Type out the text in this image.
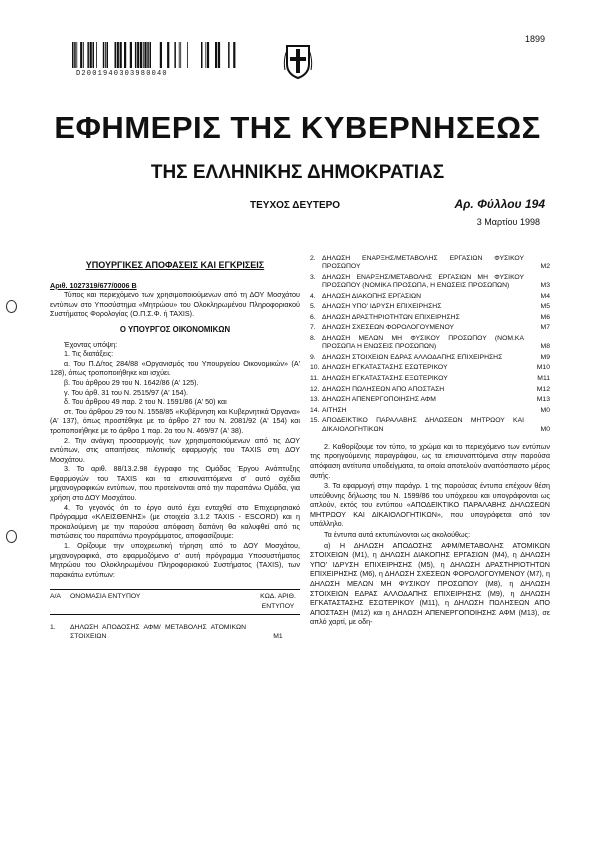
1899
D2001940303980040
ΕΦΗΜΕΡΙΣ ΤΗΣ ΚΥΒΕΡΝΗΣΕΩΣ
ΤΗΣ ΕΛΛΗΝΙΚΗΣ ΔΗΜΟΚΡΑΤΙΑΣ
ΤΕΥΧΟΣ ΔΕΥΤΕΡΟ	Αρ. Φύλλου 194
3 Μαρτίου 1998
ΥΠΟΥΡΓΙΚΕΣ ΑΠΟΦΑΣΕΙΣ ΚΑΙ ΕΓΚΡΙΣΕΙΣ

Αριθ. 1027319/677/0006 Β

Τύπος και περιεχόμενο των χρησιμοποιούμενων από τη ΔΟΥ Μοσχάτου εντύπων στο Υποσύστημα «Μητρώου» του Ολοκληρωμένου Πληροφοριακού Συστήματος Φορολογίας (Ο.Π.Σ.Φ. ή TAXIS).

Ο ΥΠΟΥΡΓΟΣ ΟΙΚΟΝΟΜΙΚΩΝ

Έχοντας υπόψη:

1. Τις διατάξεις:

α. Του Π.Δ/τος 284/88 «Οργανισμός του Υπουργείου Οικονομικών» (Α' 128), όπως τροποποιήθηκε και ισχύει.

β. Του άρθρου 29 του Ν. 1642/86 (Α' 125).

γ. Του άρθ. 31 του Ν. 2515/97 (Α' 154).

δ. Του άρθρου 49 παρ. 2 του Ν. 1591/86 (Α' 50) και

στ. Του άρθρου 29 του Ν. 1558/85 «Κυβέρνηση και Κυβερνητικά Όργανα» (Α' 137), όπως προστέθηκε με το άρθρο 27 του Ν. 2081/92 (Α' 154) και τροποποιήθηκε με το άρθρο 1 παρ. 2α του Ν. 469/97 (Α' 38).

2. Την ανάγκη προσαρμογής των χρησιμοποιούμενων από τις ΔΟΥ εντύπων, στις απαιτήσεις πιλοτικής εφαρμογής του TAXIS στη ΔΟΥ Μοσχάτου.

3. Το αριθ. 88/13.2.98 έγγραφο της Ομάδας Έργου Ανάπτυξης Εφαρμογών του TAXIS και τα επισυναπτόμενα σ' αυτό σχέδια μηχανογραφικών εντύπων, που προτείνονται από την παραπάνω Ομάδα, για χρήση στο ΔΟΥ Μοσχάτου.

4. Το γεγονός ότι το έργο αυτό έχει ενταχθεί στο Επιχειρησιακό Πρόγραμμα «ΚΛΕΙΣΘΕΝΗΣ» (με στοιχεία 3.1.2 TAXIS - ESCORD) και η προκαλούμενη με την παρούσα απόφαση δαπάνη θα καλυφθεί από τις πιστώσεις του παραπάνω προγράμματος, αποφασίζουμε:

1. Ορίζουμε την υποχρεωτική τήρηση από το ΔΟΥ Μοσχάτου, μηχανογραφικά, στο εφαρμοζόμενο σ' αυτή πρόγραμμα Υποσυστήματος Μητρώου του Ολοκληρωμένου Πληροφοριακού Συστήματος (TAXIS), των παρακάτω εντύπων:

Α/Α	ΟΝΟΜΑΣΙΑ ΕΝΤΥΠΟΥ	ΚΩΔ. ΑΡΙΘ. ΕΝΤΥΠΟΥ
1.	ΔΗΛΩΣΗ ΑΠΟΔΟΣΗΣ ΑΦΜ/ ΜΕΤΑΒΟΛΗΣ ΑΤΟΜΙΚΩΝ ΣΤΟΙΧΕΙΩΝ	M1
2. ΔΗΛΩΣΗ ΕΝΑΡΞΗΣ/ΜΕΤΑΒΟΛΗΣ ΕΡΓΑΣΙΩΝ ΦΥΣΙΚΟΥ ΠΡΟΣΩΠΟΥ	M2
3. ΔΗΛΩΣΗ ΕΝΑΡΞΗΣ/ΜΕΤΑΒΟΛΗΣ ΕΡΓΑΣΙΩΝ ΜΗ ΦΥΣΙΚΟΥ ΠΡΟΣΩΠΟΥ (ΝΟΜΙΚΑ ΠΡΟΣΩΠΑ, Η ΕΝΩΣΕΙΣ ΠΡΟΣΩΠΩΝ)	M3
4. ΔΗΛΩΣΗ ΔΙΑΚΟΠΗΣ ΕΡΓΑΣΙΩΝ	M4
5. ΔΗΛΩΣΗ ΥΠΟ' ΙΔΡΥΣΗ ΕΠΙΧΕΙΡΗΣΗΣ	M5
6. ΔΗΛΩΣΗ ΔΡΑΣΤΗΡΙΟΤΗΤΩΝ ΕΠΙΧΕΙΡΗΣΗΣ	M6
7. ΔΗΛΩΣΗ ΣΧΕΣΕΩΝ ΦΟΡΟΛΟΓΟΥΜΕΝΟΥ	M7
8. ΔΗΛΩΣΗ ΜΕΛΩΝ ΜΗ ΦΥΣΙΚΟΥ ΠΡΟΣΩΠΟΥ (ΝΟΜ.ΚΑ ΠΡΟΣΩΠΑ Η ΕΝΩΣΕΙΣ ΠΡΟΣΩΠΩΝ)	M8
9. ΔΗΛΩΣΗ ΣΤΟΙΧΕΙΩΝ ΕΔΡΑΣ ΑΛΛΟΔΑΠΗΣ ΕΠΙΧΕΙΡΗΣΗΣ	M9
10. ΔΗΛΩΣΗ ΕΓΚΑΤΑΣΤΑΣΗΣ ΕΣΩΤΕΡΙΚΟΥ	M10
11. ΔΗΛΩΣΗ ΕΓΚΑΤΑΣΤΑΣΗΣ ΕΞΩΤΕΡΙΚΟΥ	M11
12. ΔΗΛΩΣΗ ΠΩΛΗΣΕΩΝ ΑΠΟ ΑΠΟΣΤΑΣΗ	M12
13. ΔΗΛΩΣΗ ΑΠΕΝΕΡΓΟΠΟΙΗΣΗΣ ΑΦΜ	M13
14. ΑΙΤΗΣΗ	M0
15. ΑΠΟΔΕΙΚΤΙΚΟ ΠΑΡΑΛΑΒΗΣ ΔΗΛΩΣΕΩΝ ΜΗΤΡΩΟΥ ΚΑΙ ΔΙΚΑΙΟΛΟΓΗΤΙΚΩΝ	M0

2. Καθορίζουμε τον τύπο, το χρώμα και το περιεχόμενο των εντύπων της προηγούμενης παραγράφου, ως τα επισυναπτόμενα στην παρούσα απόφαση αντίτυπα υποδείγματα, τα οποία αποτελούν αναπόσπαστο μέρος αυτής.

3. Τα εφαρμογή στην παράγρ. 1 της παρούσας έντυπα επέχουν θέση υπεύθυνης δήλωσης του Ν. 1599/86 του υπόχρεου και υπογράφονται ως απλούν, εκτός του εντύπου «ΑΠΟΔΕΙΚΤΙΚΟ ΠΑΡΑΛΑΒΗΣ ΔΗΛΩΣΕΩΝ ΜΗΤΡΩΟΥ ΚΑΙ ΔΙΚΑΙΟΛΟΓΗΤΙΚΩΝ», που υπογράφεται από τον υπάλληλο.

Τα έντυπα αυτά εκτυπώνονται ως ακολούθως:

α) Η ΔΗΛΩΣΗ ΑΠΟΔΟΣΗΣ ΑΦΜ/ΜΕΤΑΒΟΛΗΣ ΑΤΟΜΙΚΩΝ ΣΤΟΙΧΕΙΩΝ (M1), η ΔΗΛΩΣΗ ΔΙΑΚΟΠΗΣ ΕΡΓΑΣΙΩΝ (M4), η ΔΗΛΩΣΗ ΥΠΟ' ΙΔΡΥΣΗ ΕΠΙΧΕΙΡΗΣΗΣ (M5), η ΔΗΛΩΣΗ ΔΡΑΣΤΗΡΙΟΤΗΤΩΝ ΕΠΙΧΕΙΡΗΣΗΣ (M6), η ΔΗΛΩΣΗ ΣΧΕΣΕΩΝ ΦΟΡΟΛΟΓΟΥΜΕΝΟΥ (M7), η ΔΗΛΩΣΗ ΜΕΛΩΝ ΜΗ ΦΥΣΙΚΟΥ ΠΡΟΣΩΠΟΥ (M8), η ΔΗΛΩΣΗ ΣΤΟΙΧΕΙΩΝ ΕΔΡΑΣ ΑΛΛΟΔΑΠΗΣ ΕΠΙΧΕΙΡΗΣΗΣ (M9), η ΔΗΛΩΣΗ ΕΓΚΑΤΑΣΤΑΣΗΣ ΕΣΩΤΕΡΙΚΟΥ (M11), η ΔΗΛΩΣΗ ΠΩΛΗΣΕΩΝ ΑΠΟ ΑΠΟΣΤΑΣΗ (M12) και η ΔΗΛΩΣΗ ΑΠΕΝΕΡΓΟΠΟΙΗΣΗΣ ΑΦΜ (M13), σε απλό χαρτί, με οδη-
